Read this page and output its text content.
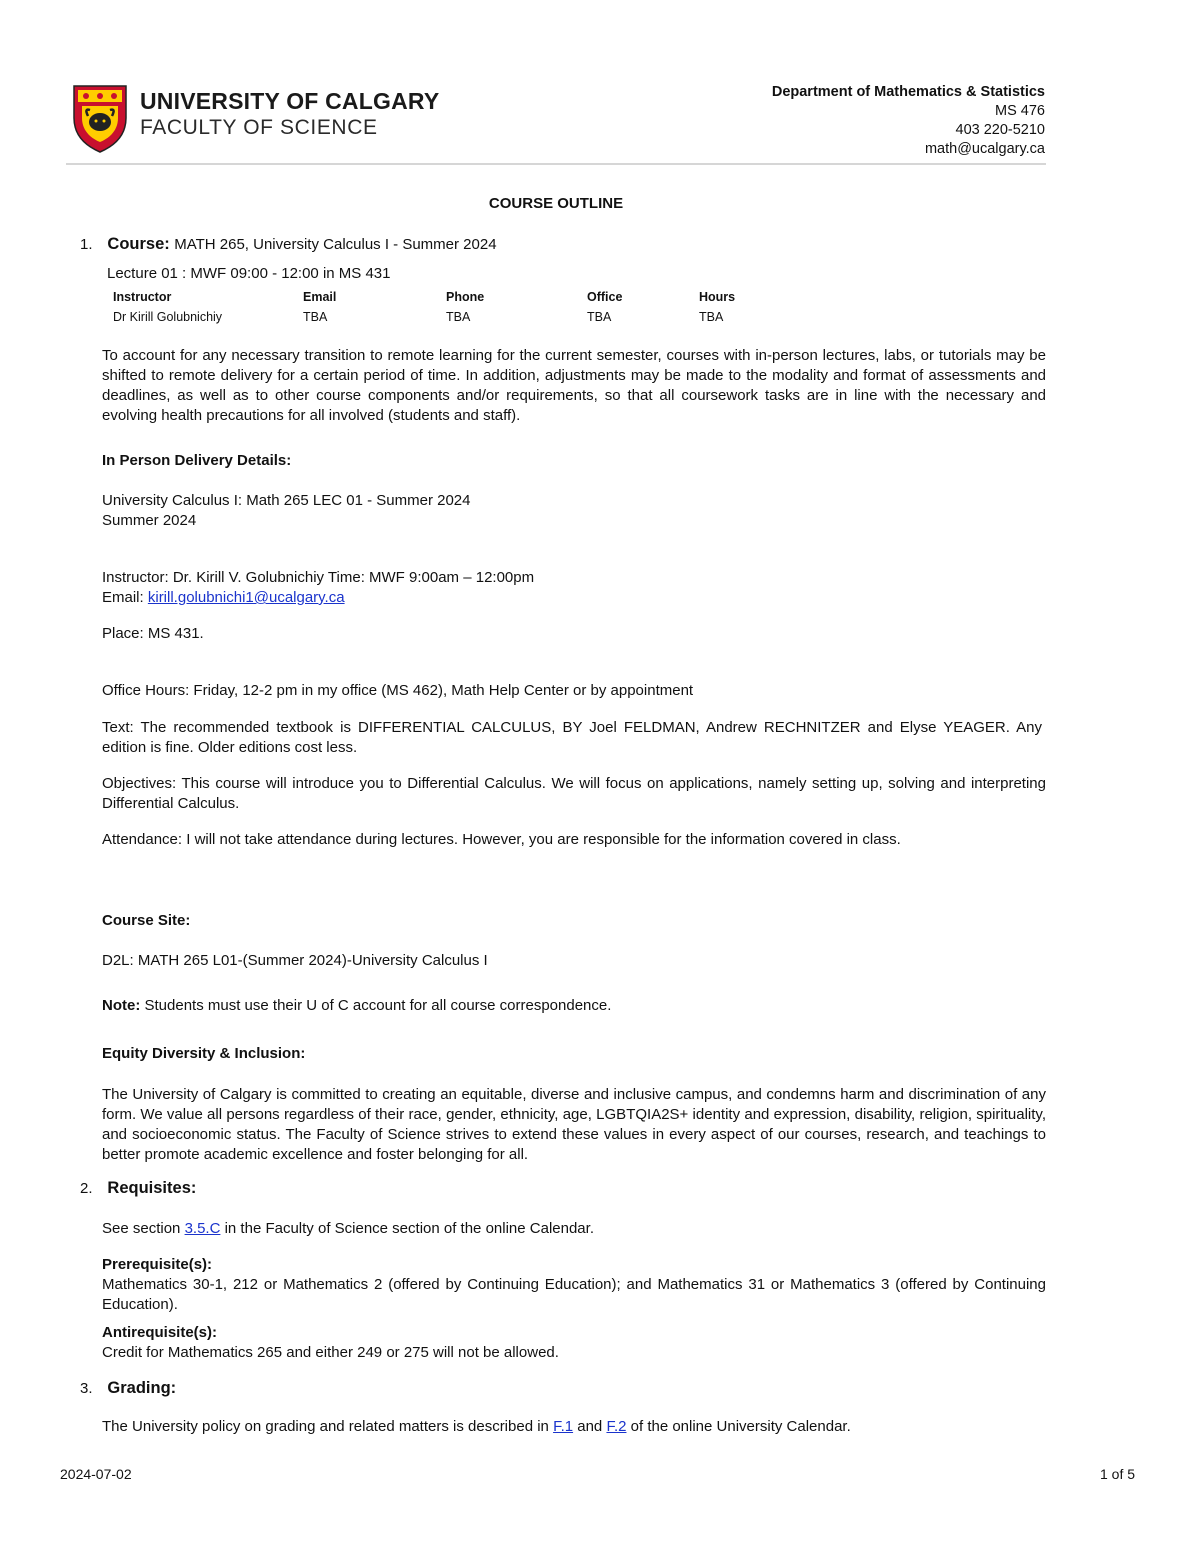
UNIVERSITY OF CALGARY
FACULTY OF SCIENCE
Department of Mathematics & Statistics
MS 476
403 220-5210
math@ucalgary.ca
COURSE OUTLINE
1. Course: MATH 265, University Calculus I - Summer 2024
Lecture 01 : MWF 09:00 - 12:00 in MS 431
Instructor	Email	Phone	Office	Hours
Dr Kirill Golubnichiy	TBA	TBA	TBA	TBA

To account for any necessary transition to remote learning for the current semester, courses with in-person lectures, labs, or tutorials may be shifted to remote delivery for a certain period of time. In addition, adjustments may be made to the modality and format of assessments and deadlines, as well as to other course components and/or requirements, so that all coursework tasks are in line with the necessary and evolving health precautions for all involved (students and staff).

In Person Delivery Details:

University Calculus I: Math 265 LEC 01 - Summer 2024

Summer 2024

Instructor: Dr. Kirill V. Golubnichiy Time: MWF 9:00am – 12:00pm

Email: kirill.golubnichi1@ucalgary.ca

Place: MS 431.

Office Hours: Friday, 12-2 pm in my office (MS 462), Math Help Center or by appointment

Text: The recommended textbook is DIFFERENTIAL CALCULUS, BY Joel FELDMAN, Andrew RECHNITZER and Elyse YEAGER. Any edition is fine. Older editions cost less.

Objectives: This course will introduce you to Differential Calculus. We will focus on applications, namely setting up, solving and interpreting Differential Calculus.

Attendance: I will not take attendance during lectures. However, you are responsible for the information covered in class.

Course Site:

D2L: MATH 265 L01-(Summer 2024)-University Calculus I

Note: Students must use their U of C account for all course correspondence.

Equity Diversity & Inclusion:

The University of Calgary is committed to creating an equitable, diverse and inclusive campus, and condemns harm and discrimination of any form. We value all persons regardless of their race, gender, ethnicity, age, LGBTQIA2S+ identity and expression, disability, religion, spirituality, and socioeconomic status. The Faculty of Science strives to extend these values in every aspect of our courses, research, and teachings to better promote academic excellence and foster belonging for all.

2. Requisites:

See section 3.5.C in the Faculty of Science section of the online Calendar.

Prerequisite(s):

Mathematics 30-1, 212 or Mathematics 2 (offered by Continuing Education); and Mathematics 31 or Mathematics 3 (offered by Continuing Education).

Antirequisite(s):

Credit for Mathematics 265 and either 249 or 275 will not be allowed.

3. Grading:

The University policy on grading and related matters is described in F.1 and F.2 of the online University Calendar.

2024-07-02	1 of 5
